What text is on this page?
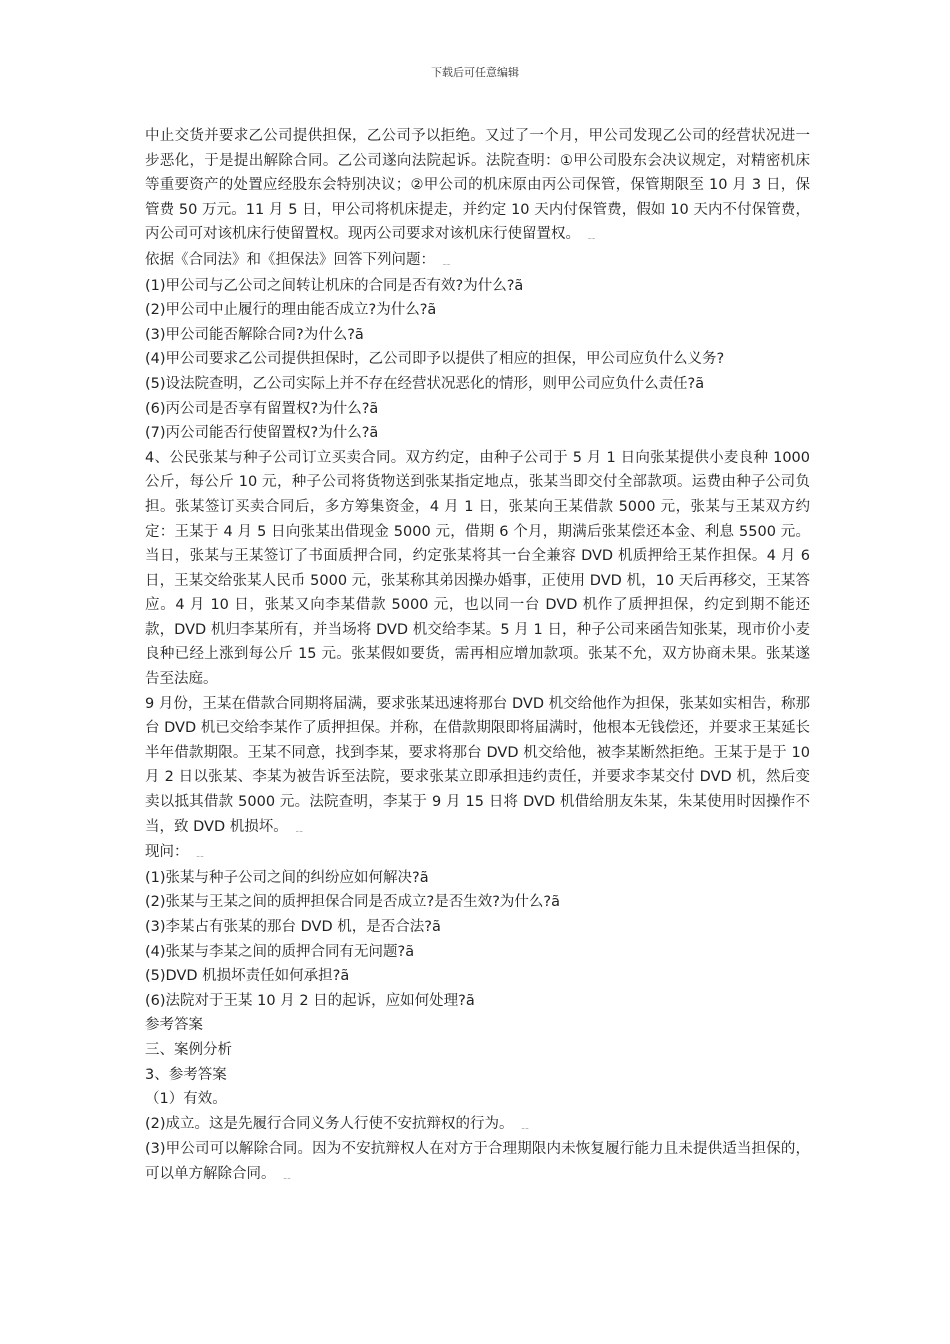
下载后可任意编辑

中止交货并要求乙公司提供担保，乙公司予以拒绝。又过了一个月，甲公司发现乙公司的经营状况进一步恶化，于是提出解除合同。乙公司遂向法院起诉。法院查明：①甲公司股东会决议规定，对精密机床等重要资产的处置应经股东会特别决议；②甲公司的机床原由丙公司保管，保管期限至 10 月 3 日，保管费 50 万元。11 月 5 日，甲公司将机床提走，并约定 10 天内付保管费，假如 10 天内不付保管费，丙公司可对该机床行使留置权。现丙公司要求对该机床行使留置权。 ﹎

依据《合同法》和《担保法》回答下列问题： ﹎

(1)甲公司与乙公司之间转让机床的合同是否有效?为什么?ã

(2)甲公司中止履行的理由能否成立?为什么?ã

(3)甲公司能否解除合同?为什么?ã

(4)甲公司要求乙公司提供担保时，乙公司即予以提供了相应的担保，甲公司应负什么义务?

(5)设法院查明，乙公司实际上并不存在经营状况恶化的情形，则甲公司应负什么责任?ã

(6)丙公司是否享有留置权?为什么?ã

(7)丙公司能否行使留置权?为什么?ã

4、公民张某与种子公司订立买卖合同。双方约定，由种子公司于 5 月 1 日向张某提供小麦良种 1000 公斤，每公斤 10 元，种子公司将货物送到张某指定地点，张某当即交付全部款项。运费由种子公司负担。张某签订买卖合同后，多方筹集资金，4 月 1 日，张某向王某借款 5000 元，张某与王某双方约定：王某于 4 月 5 日向张某出借现金 5000 元，借期 6 个月，期满后张某偿还本金、利息 5500 元。当日，张某与王某签订了书面质押合同，约定张某将其一台全兼容 DVD 机质押给王某作担保。4 月 6 日，王某交给张某人民币 5000 元，张某称其弟因操办婚事，正使用 DVD 机，10 天后再移交，王某答应。4 月 10 日，张某又向李某借款 5000 元，也以同一台 DVD 机作了质押担保，约定到期不能还款，DVD 机归李某所有，并当场将 DVD 机交给李某。5 月 1 日，种子公司来函告知张某，现市价小麦良种已经上涨到每公斤 15 元。张某假如要货，需再相应增加款项。张某不允，双方协商未果。张某遂告至法庭。

9 月份，王某在借款合同期将届满，要求张某迅速将那台 DVD 机交给他作为担保，张某如实相告，称那台 DVD 机已交给李某作了质押担保。并称，在借款期限即将届满时，他根本无钱偿还，并要求王某延长半年借款期限。王某不同意，找到李某，要求将那台 DVD 机交给他，被李某断然拒绝。王某于是于 10 月 2 日以张某、李某为被告诉至法院，要求张某立即承担违约责任，并要求李某交付 DVD 机，然后变卖以抵其借款 5000 元。法院查明，李某于 9 月 15 日将 DVD 机借给朋友朱某，朱某使用时因操作不当，致 DVD 机损坏。 ﹎

现问： ﹎

(1)张某与种子公司之间的纠纷应如何解决?ã

(2)张某与王某之间的质押担保合同是否成立?是否生效?为什么?ã

(3)李某占有张某的那台 DVD 机，是否合法?ã

(4)张某与李某之间的质押合同有无问题?ã

(5)DVD 机损坏责任如何承担?ã

(6)法院对于王某 10 月 2 日的起诉，应如何处理?ã

参考答案

三、案例分析

3、参考答案

（1）有效。

(2)成立。这是先履行合同义务人行使不安抗辩权的行为。 ﹎

(3)甲公司可以解除合同。因为不安抗辩权人在对方于合理期限内未恢复履行能力且未提供适当担保的，可以单方解除合同。 ﹎
